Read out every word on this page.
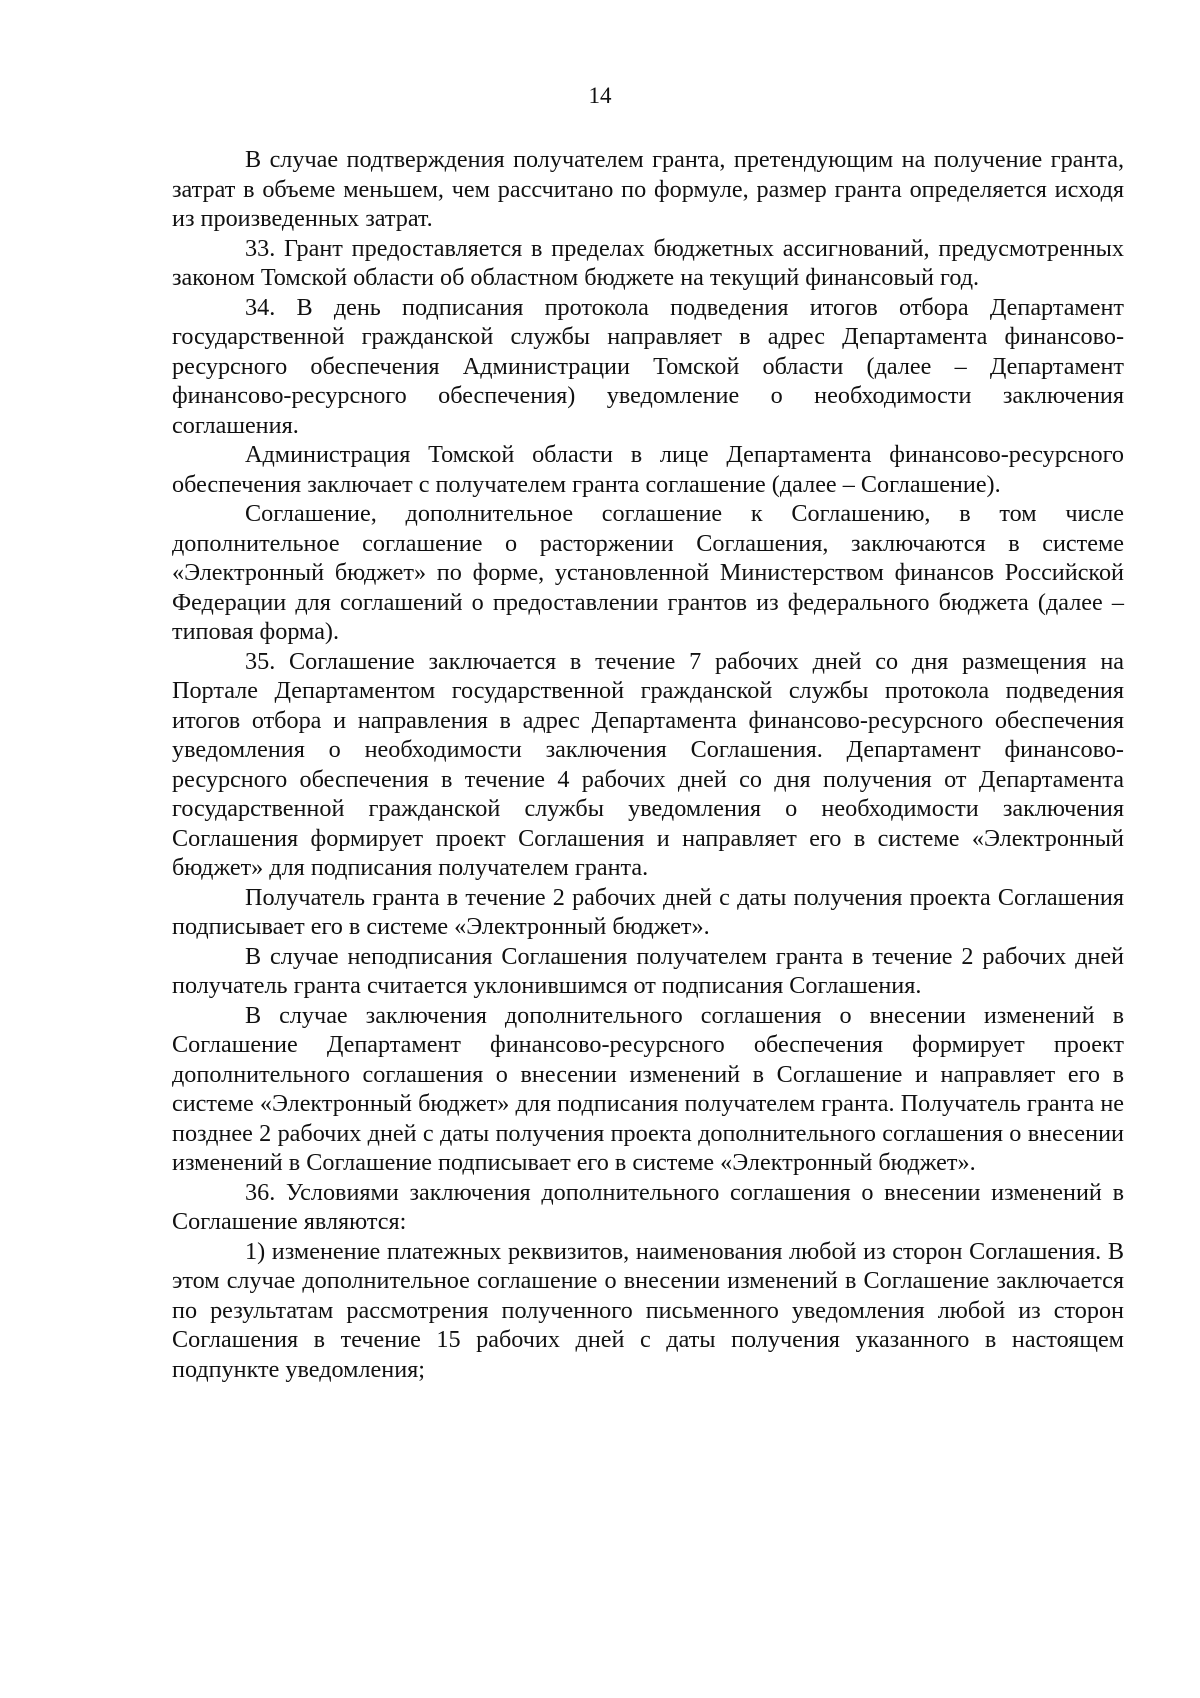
14

В случае подтверждения получателем гранта, претендующим на получение гранта, затрат в объеме меньшем, чем рассчитано по формуле, размер гранта определяется исходя из произведенных затрат.

33. Грант предоставляется в пределах бюджетных ассигнований, предусмотренных законом Томской области об областном бюджете на текущий финансовый год.

34. В день подписания протокола подведения итогов отбора Департамент государственной гражданской службы направляет в адрес Департамента финансово-ресурсного обеспечения Администрации Томской области (далее – Департамент финансово-ресурсного обеспечения) уведомление о необходимости заключения соглашения.

Администрация Томской области в лице Департамента финансово-ресурсного обеспечения заключает с получателем гранта соглашение (далее – Соглашение).

Соглашение, дополнительное соглашение к Соглашению, в том числе дополнительное соглашение о расторжении Соглашения, заключаются в системе «Электронный бюджет» по форме, установленной Министерством финансов Российской Федерации для соглашений о предоставлении грантов из федерального бюджета (далее – типовая форма).

35. Соглашение заключается в течение 7 рабочих дней со дня размещения на Портале Департаментом государственной гражданской службы протокола подведения итогов отбора и направления в адрес Департамента финансово-ресурсного обеспечения уведомления о необходимости заключения Соглашения. Департамент финансово-ресурсного обеспечения в течение 4 рабочих дней со дня получения от Департамента государственной гражданской службы уведомления о необходимости заключения Соглашения формирует проект Соглашения и направляет его в системе «Электронный бюджет» для подписания получателем гранта.

Получатель гранта в течение 2 рабочих дней с даты получения проекта Соглашения подписывает его в системе «Электронный бюджет».

В случае неподписания Соглашения получателем гранта в течение 2 рабочих дней получатель гранта считается уклонившимся от подписания Соглашения.

В случае заключения дополнительного соглашения о внесении изменений в Соглашение Департамент финансово-ресурсного обеспечения формирует проект дополнительного соглашения о внесении изменений в Соглашение и направляет его в системе «Электронный бюджет» для подписания получателем гранта. Получатель гранта не позднее 2 рабочих дней с даты получения проекта дополнительного соглашения о внесении изменений в Соглашение подписывает его в системе «Электронный бюджет».

36. Условиями заключения дополнительного соглашения о внесении изменений в Соглашение являются:

1) изменение платежных реквизитов, наименования любой из сторон Соглашения. В этом случае дополнительное соглашение о внесении изменений в Соглашение заключается по результатам рассмотрения полученного письменного уведомления любой из сторон Соглашения в течение 15 рабочих дней с даты получения указанного в настоящем подпункте уведомления;
